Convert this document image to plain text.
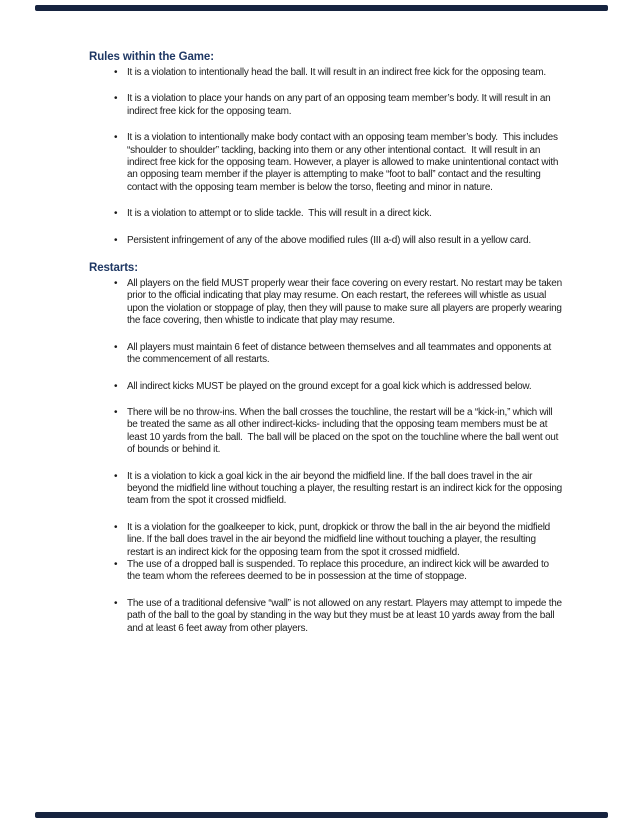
Rules within the Game:
• It is a violation to intentionally head the ball. It will result in an indirect free kick for the opposing team.
• It is a violation to place your hands on any part of an opposing team member’s body. It will result in an indirect free kick for the opposing team.
• It is a violation to intentionally make body contact with an opposing team member’s body.  This includes “shoulder to shoulder” tackling, backing into them or any other intentional contact.  It will result in an indirect free kick for the opposing team. However, a player is allowed to make unintentional contact with an opposing team member if the player is attempting to make “foot to ball” contact and the resulting contact with the opposing team member is below the torso, fleeting and minor in nature.
• It is a violation to attempt or to slide tackle.  This will result in a direct kick.
• Persistent infringement of any of the above modified rules (III a-d) will also result in a yellow card.
Restarts:
• All players on the field MUST properly wear their face covering on every restart. No restart may be taken prior to the official indicating that play may resume. On each restart, the referees will whistle as usual upon the violation or stoppage of play, then they will pause to make sure all players are properly wearing the face covering, then whistle to indicate that play may resume.
• All players must maintain 6 feet of distance between themselves and all teammates and opponents at the commencement of all restarts.
• All indirect kicks MUST be played on the ground except for a goal kick which is addressed below.
• There will be no throw-ins. When the ball crosses the touchline, the restart will be a “kick-in,” which will be treated the same as all other indirect-kicks- including that the opposing team members must be at least 10 yards from the ball.  The ball will be placed on the spot on the touchline where the ball went out of bounds or behind it.
• It is a violation to kick a goal kick in the air beyond the midfield line. If the ball does travel in the air beyond the midfield line without touching a player, the resulting restart is an indirect kick for the opposing team from the spot it crossed midfield.
• It is a violation for the goalkeeper to kick, punt, dropkick or throw the ball in the air beyond the midfield line. If the ball does travel in the air beyond the midfield line without touching a player, the resulting restart is an indirect kick for the opposing team from the spot it crossed midfield.
• The use of a dropped ball is suspended. To replace this procedure, an indirect kick will be awarded to the team whom the referees deemed to be in possession at the time of stoppage.
• The use of a traditional defensive “wall” is not allowed on any restart. Players may attempt to impede the path of the ball to the goal by standing in the way but they must be at least 10 yards away from the ball and at least 6 feet away from other players.
